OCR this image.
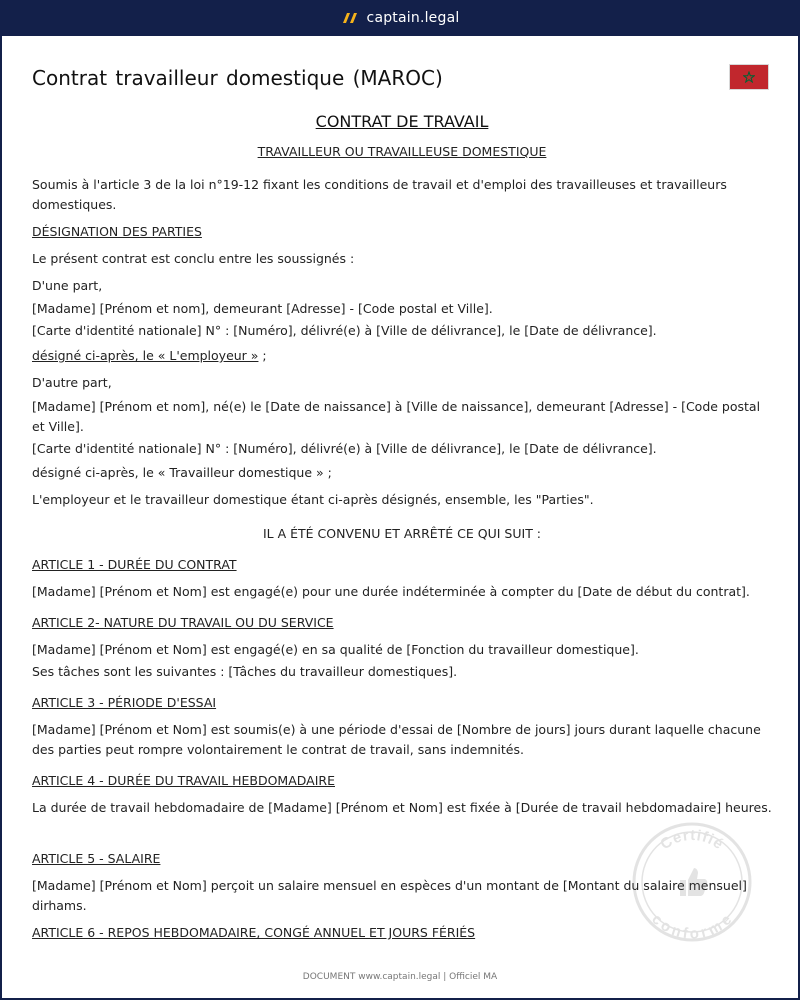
captain.legal
Contrat travailleur domestique (MAROC)
CONTRAT DE TRAVAIL
TRAVAILLEUR OU TRAVAILLEUSE DOMESTIQUE
Soumis à l'article 3 de la loi n°19-12 fixant les conditions de travail et d'emploi des travailleuses et travailleurs domestiques.
DÉSIGNATION DES PARTIES
Le présent contrat est conclu entre les soussignés :
D'une part,
[Madame] [Prénom et nom], demeurant [Adresse] - [Code postal et Ville].
[Carte d'identité nationale] N° : [Numéro], délivré(e) à [Ville de délivrance], le [Date de délivrance].
désigné ci-après, le « L'employeur » ;
D'autre part,
[Madame] [Prénom et nom], né(e) le [Date de naissance] à [Ville de naissance], demeurant [Adresse] - [Code postal et Ville].
[Carte d'identité nationale] N° : [Numéro], délivré(e) à [Ville de délivrance], le [Date de délivrance].
désigné ci-après, le « Travailleur domestique » ;
L'employeur et le travailleur domestique étant ci-après désignés, ensemble, les "Parties".
IL A ÉTÉ CONVENU ET ARRÊTÉ CE QUI SUIT :
ARTICLE 1 - DURÉE DU CONTRAT
[Madame] [Prénom et Nom] est engagé(e) pour une durée indéterminée à compter du [Date de début du contrat].
ARTICLE 2- NATURE DU TRAVAIL OU DU SERVICE
[Madame] [Prénom et Nom] est engagé(e) en sa qualité de [Fonction du travailleur domestique].
Ses tâches sont les suivantes : [Tâches du travailleur domestiques].
ARTICLE 3 - PÉRIODE D'ESSAI
[Madame] [Prénom et Nom] est soumis(e) à une période d'essai de [Nombre de jours] jours durant laquelle chacune des parties peut rompre volontairement le contrat de travail, sans indemnités.
ARTICLE 4 - DURÉE DU TRAVAIL HEBDOMADAIRE
La durée de travail hebdomadaire de [Madame] [Prénom et Nom] est fixée à [Durée de travail hebdomadaire] heures.
ARTICLE 5 - SALAIRE
[Madame] [Prénom et Nom] perçoit un salaire mensuel en espèces d'un montant de [Montant du salaire mensuel] dirhams.
ARTICLE 6 - REPOS HEBDOMADAIRE, CONGÉ ANNUEL ET JOURS FÉRIÉS
Certifié
conforme
DOCUMENT www.captain.legal | Officiel MA
